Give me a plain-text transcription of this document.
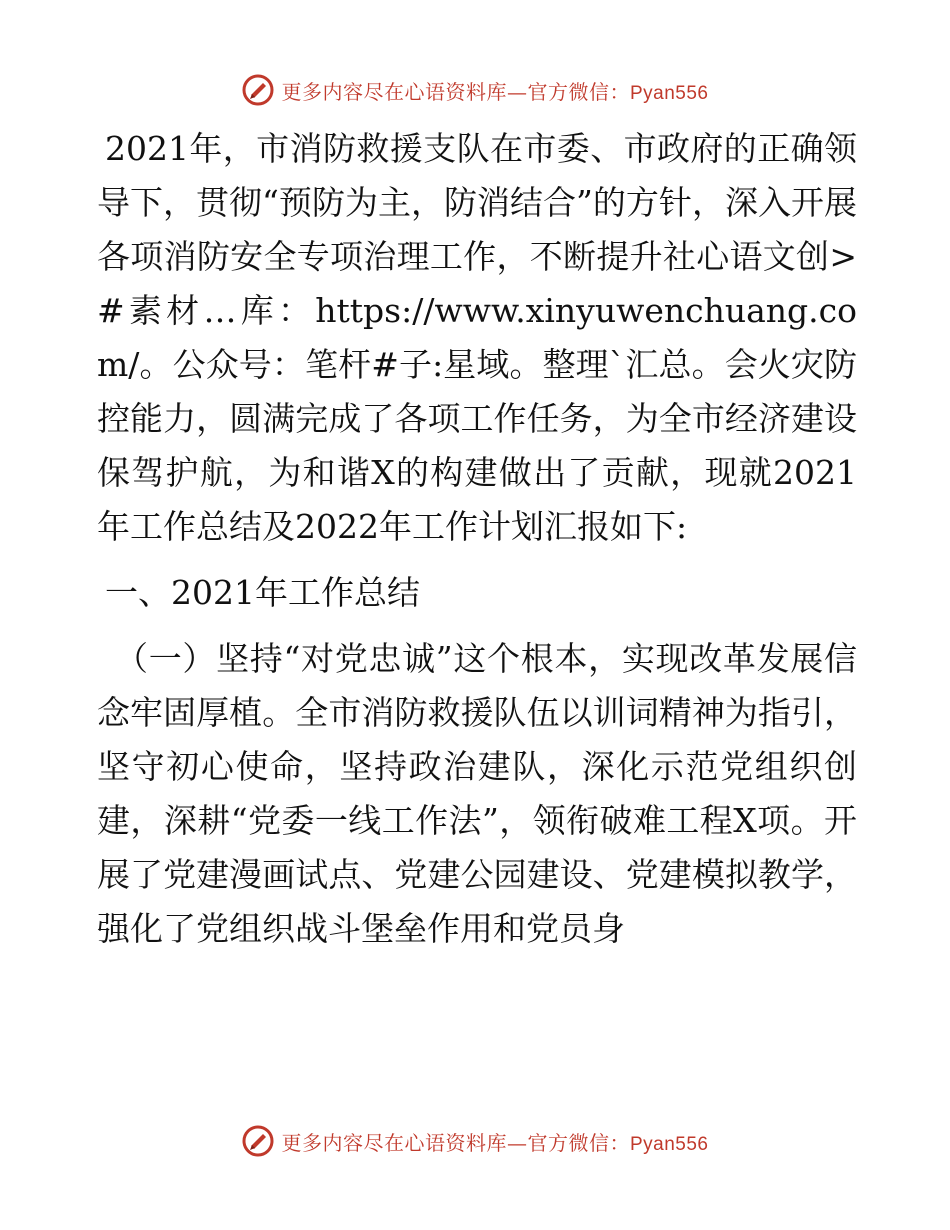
更多内容尽在心语资料库—官方微信：Pyan556

2021年，市消防救援支队在市委、市政府的正确领导下，贯彻“预防为主，防消结合”的方针，深入开展各项消防安全专项治理工作，不断提升社心语文创>#素材…库：https://www.xinyuwenchuang.com/。公众号：笔杆#子:星域。整理`汇总。会火灾防控能力，圆满完成了各项工作任务，为全市经济建设保驾护航，为和谐X的构建做出了贡献，现就2021年工作总结及2022年工作计划汇报如下:

一、2021年工作总结

（一）坚持“对党忠诚”这个根本，实现改革发展信念牢固厚植。全市消防救援队伍以训词精神为指引，坚守初心使命，坚持政治建队，深化示范党组织创建，深耕“党委一线工作法”，领衔破难工程X项。开展了党建漫画试点、党建公园建设、党建模拟教学，强化了党组织战斗堡垒作用和党员身

更多内容尽在心语资料库—官方微信：Pyan556
